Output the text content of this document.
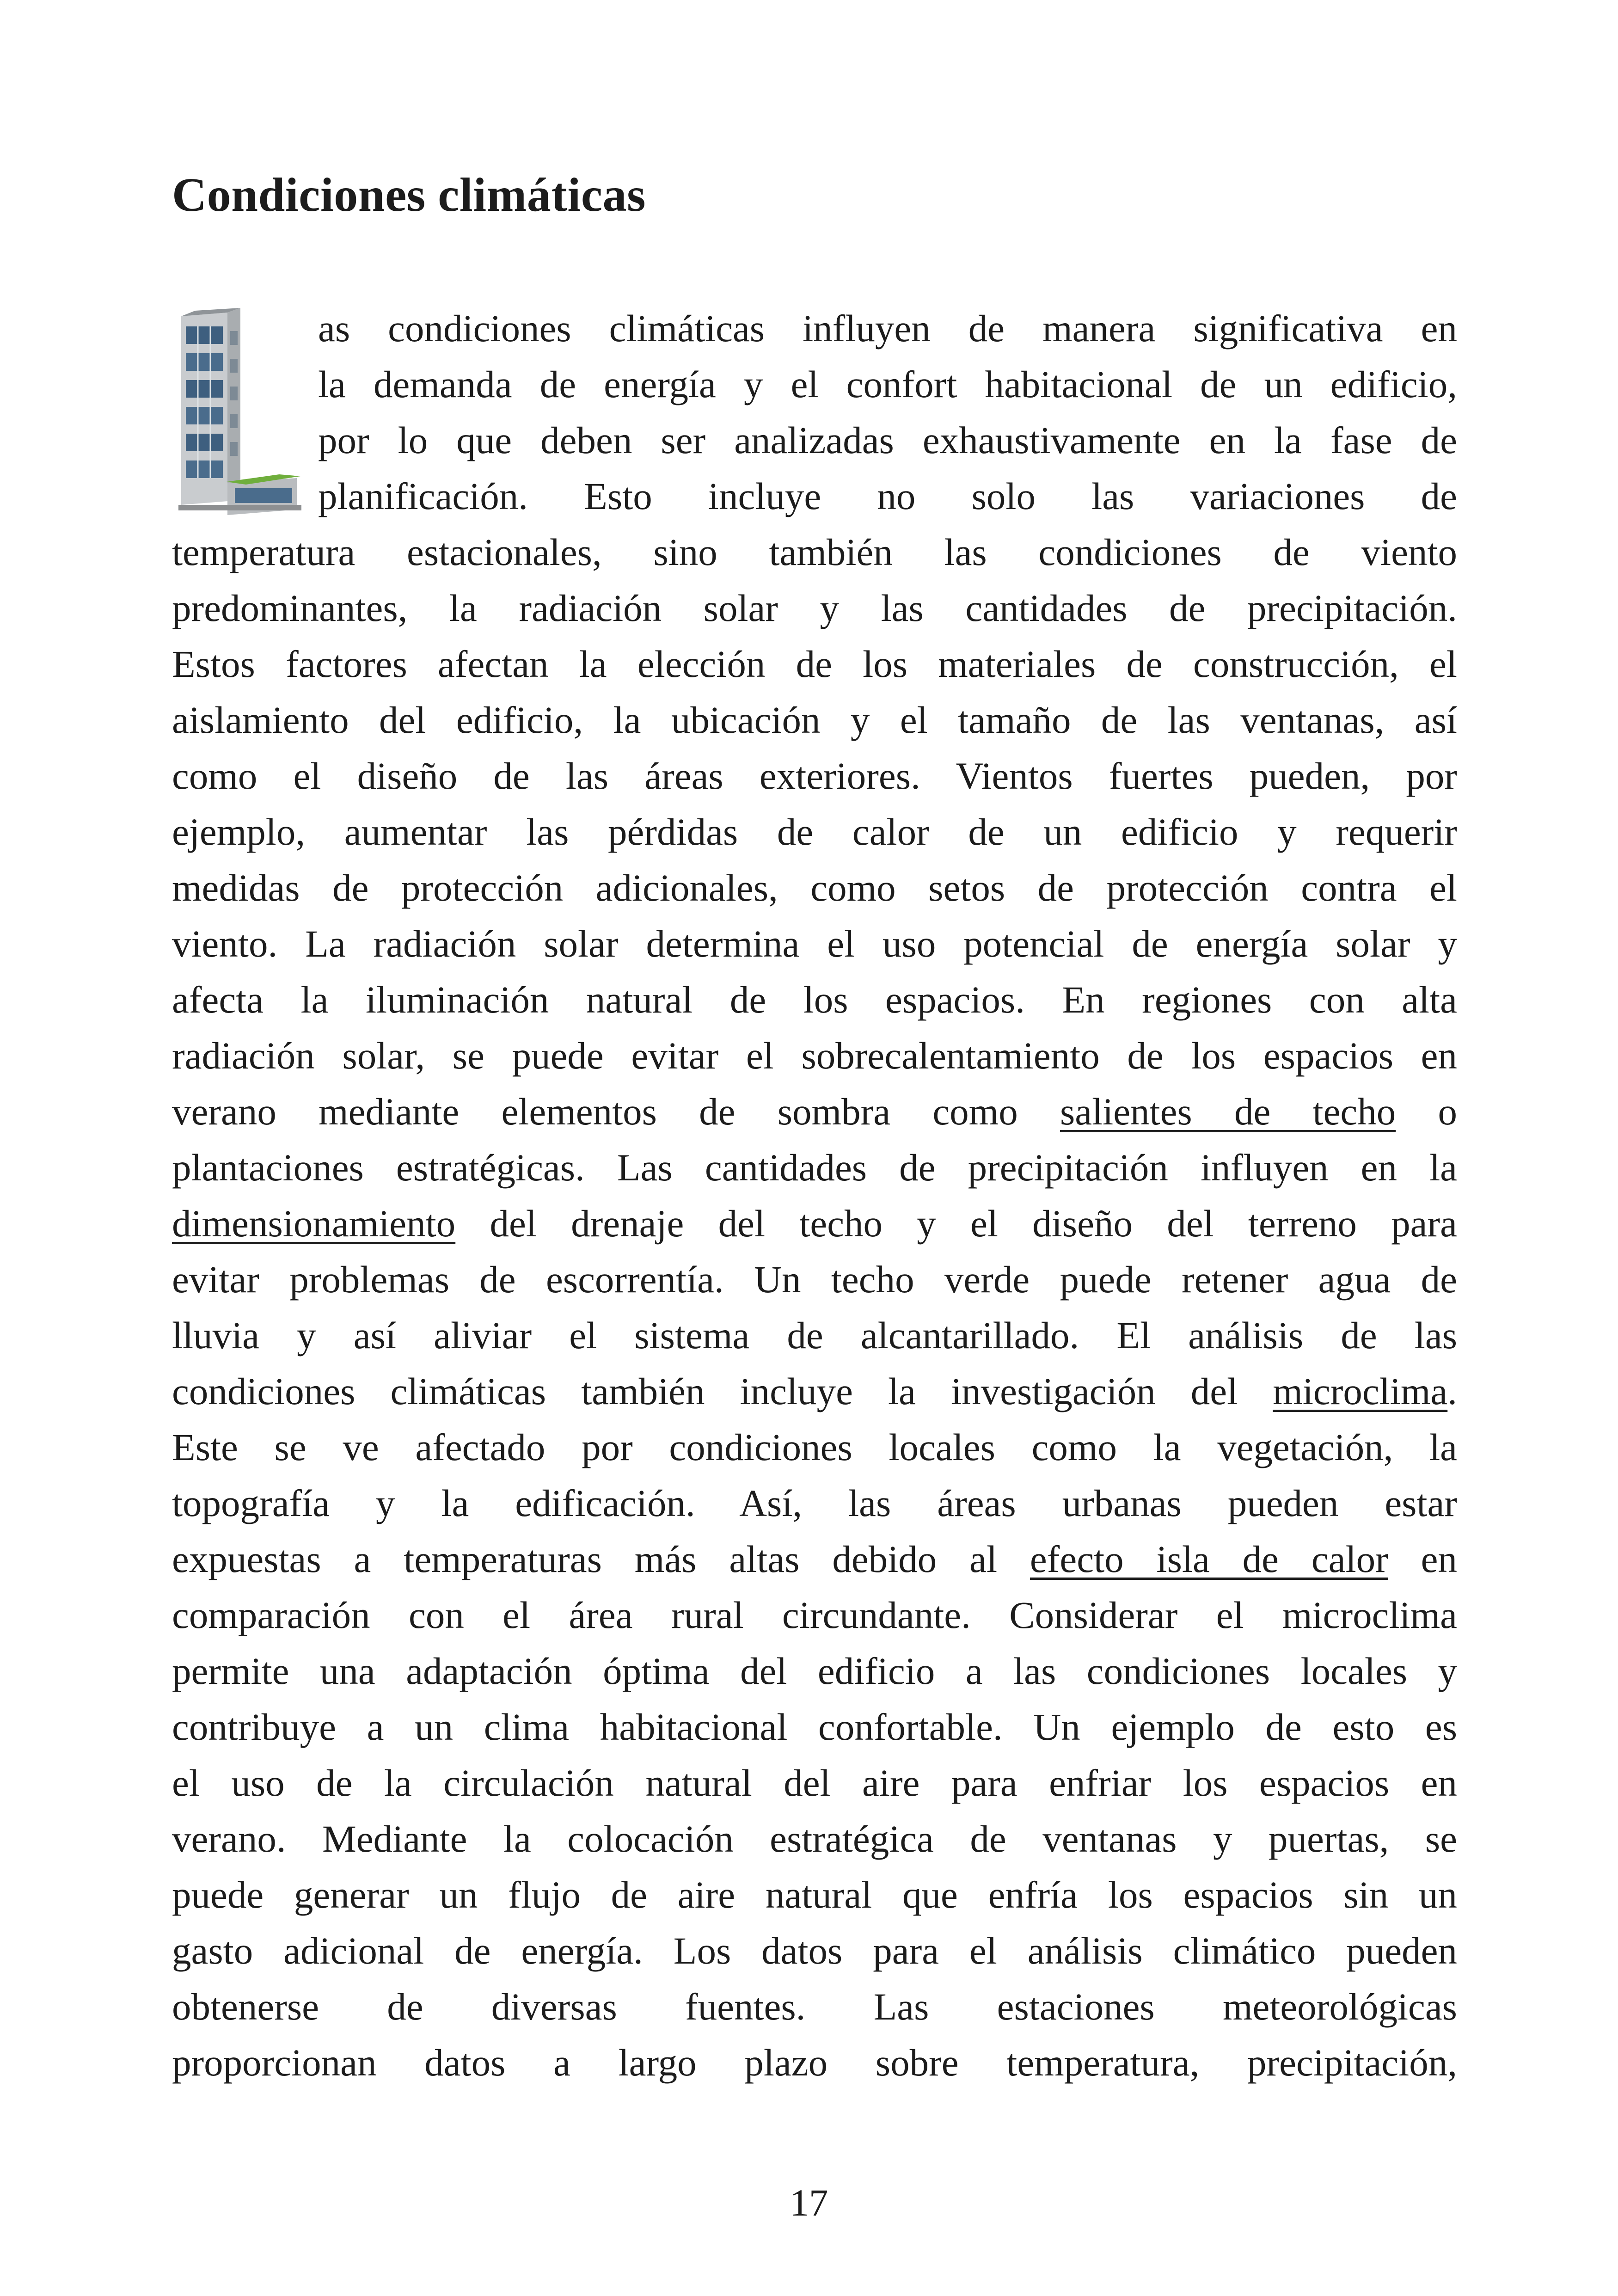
Condiciones climáticas
as condiciones climáticas influyen de manera significativa en
la demanda de energía y el confort habitacional de un edificio,
por lo que deben ser analizadas exhaustivamente en la fase de
planificación. Esto incluye no solo las variaciones de
temperatura estacionales, sino también las condiciones de viento
predominantes, la radiación solar y las cantidades de precipitación.
Estos factores afectan la elección de los materiales de construcción, el
aislamiento del edificio, la ubicación y el tamaño de las ventanas, así
como el diseño de las áreas exteriores. Vientos fuertes pueden, por
ejemplo, aumentar las pérdidas de calor de un edificio y requerir
medidas de protección adicionales, como setos de protección contra el
viento. La radiación solar determina el uso potencial de energía solar y
afecta la iluminación natural de los espacios. En regiones con alta
radiación solar, se puede evitar el sobrecalentamiento de los espacios en
verano mediante elementos de sombra como salientes de techo o
plantaciones estratégicas. Las cantidades de precipitación influyen en la
dimensionamiento del drenaje del techo y el diseño del terreno para
evitar problemas de escorrentía. Un techo verde puede retener agua de
lluvia y así aliviar el sistema de alcantarillado. El análisis de las
condiciones climáticas también incluye la investigación del microclima.
Este se ve afectado por condiciones locales como la vegetación, la
topografía y la edificación. Así, las áreas urbanas pueden estar
expuestas a temperaturas más altas debido al efecto isla de calor en
comparación con el área rural circundante. Considerar el microclima
permite una adaptación óptima del edificio a las condiciones locales y
contribuye a un clima habitacional confortable. Un ejemplo de esto es
el uso de la circulación natural del aire para enfriar los espacios en
verano. Mediante la colocación estratégica de ventanas y puertas, se
puede generar un flujo de aire natural que enfría los espacios sin un
gasto adicional de energía. Los datos para el análisis climático pueden
obtenerse de diversas fuentes. Las estaciones meteorológicas
proporcionan datos a largo plazo sobre temperatura, precipitación,
17
